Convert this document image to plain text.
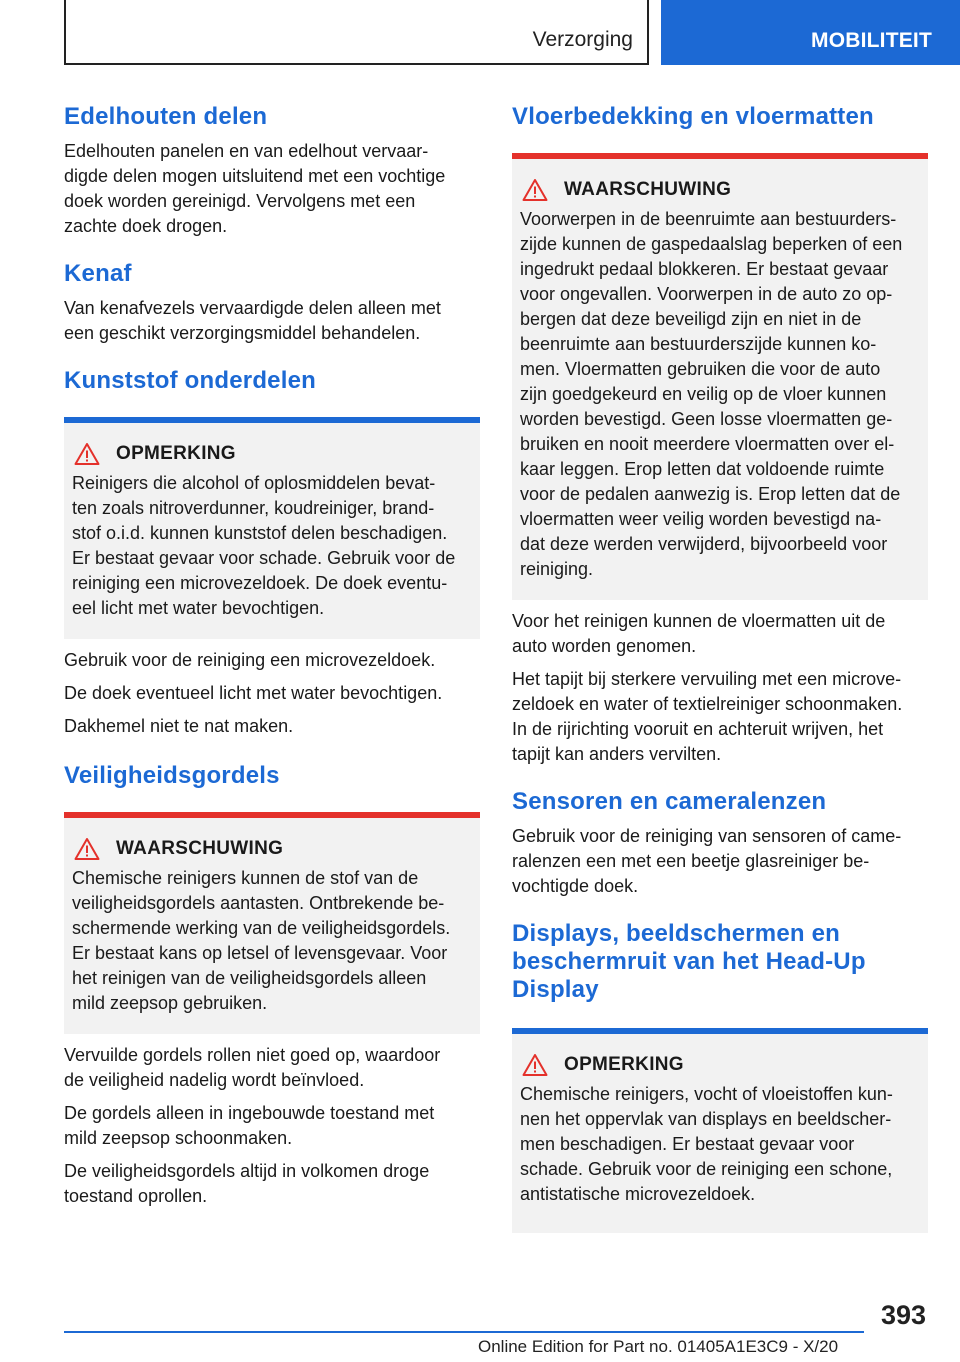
Verzorging	MOBILITEIT
Edelhouten delen

Edelhouten panelen en van edelhout vervaar-
digde delen mogen uitsluitend met een vochtige
doek worden gereinigd. Vervolgens met een
zachte doek drogen.

Kenaf

Van kenafvezels vervaardigde delen alleen met
een geschikt verzorgingsmiddel behandelen.

Kunststof onderdelen
OPMERKING

Reinigers die alcohol of oplosmiddelen bevat-
ten zoals nitroverdunner, koudreiniger, brand-
stof o.i.d. kunnen kunststof delen beschadigen.
Er bestaat gevaar voor schade. Gebruik voor de
reiniging een microvezeldoek. De doek eventu-
eel licht met water bevochtigen.

Gebruik voor de reiniging een microvezeldoek.

De doek eventueel licht met water bevochtigen.

Dakhemel niet te nat maken.

Veiligheidsgordels
WAARSCHUWING

Chemische reinigers kunnen de stof van de
veiligheidsgordels aantasten. Ontbrekende be-
schermende werking van de veiligheidsgordels.
Er bestaat kans op letsel of levensgevaar. Voor
het reinigen van de veiligheidsgordels alleen
mild zeepsop gebruiken.

Vervuilde gordels rollen niet goed op, waardoor
de veiligheid nadelig wordt beïnvloed.

De gordels alleen in ingebouwde toestand met
mild zeepsop schoonmaken.

De veiligheidsgordels altijd in volkomen droge
toestand oprollen.

Vloerbedekking en vloermatten
WAARSCHUWING

Voorwerpen in de beenruimte aan bestuurders-
zijde kunnen de gaspedaalslag beperken of een
ingedrukt pedaal blokkeren. Er bestaat gevaar
voor ongevallen. Voorwerpen in de auto zo op-
bergen dat deze beveiligd zijn en niet in de
beenruimte aan bestuurderszijde kunnen ko-
men. Vloermatten gebruiken die voor de auto
zijn goedgekeurd en veilig op de vloer kunnen
worden bevestigd. Geen losse vloermatten ge-
bruiken en nooit meerdere vloermatten over el-
kaar leggen. Erop letten dat voldoende ruimte
voor de pedalen aanwezig is. Erop letten dat de
vloermatten weer veilig worden bevestigd na-
dat deze werden verwijderd, bijvoorbeeld voor
reiniging.

Voor het reinigen kunnen de vloermatten uit de
auto worden genomen.

Het tapijt bij sterkere vervuiling met een microve-
zeldoek en water of textielreiniger schoonmaken.
In de rijrichting vooruit en achteruit wrijven, het
tapijt kan anders vervilten.

Sensoren en cameralenzen

Gebruik voor de reiniging van sensoren of came-
ralenzen een met een beetje glasreiniger be-
vochtigde doek.

Displays, beeldschermen en
beschermruit van het Head-Up
Display
OPMERKING

Chemische reinigers, vocht of vloeistoffen kun-
nen het oppervlak van displays en beeldscher-
men beschadigen. Er bestaat gevaar voor
schade. Gebruik voor de reiniging een schone,
antistatische microvezeldoek.

393
Online Edition for Part no. 01405A1E3C9 - X/20
